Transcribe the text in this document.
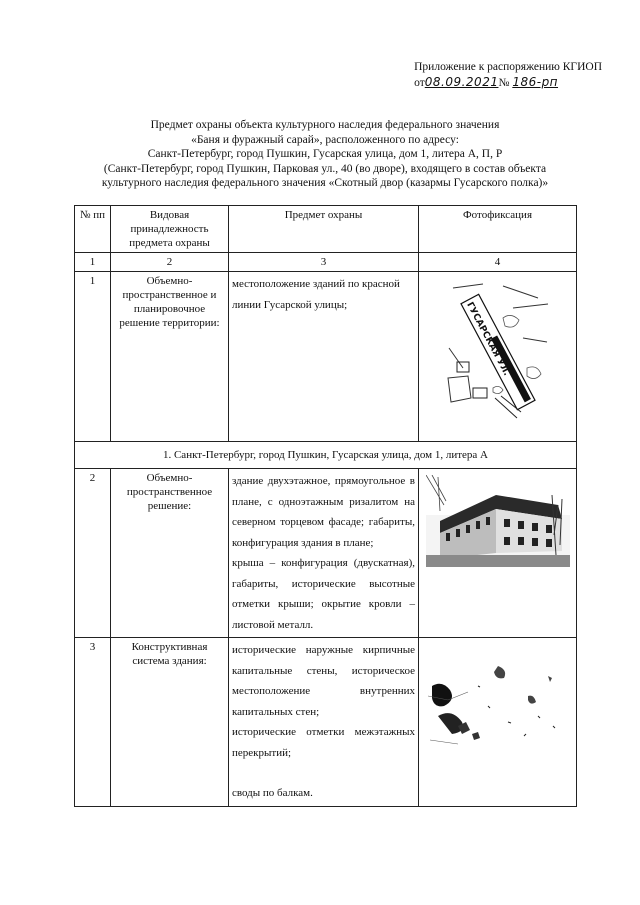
Приложение к распоряжению КГИОП
от08.09.2021№ 186-рп
Предмет охраны объекта культурного наследия федерального значения
«Баня и фуражный сарай», расположенного по адресу:
Санкт-Петербург, город Пушкин, Гусарская улица, дом 1, литера А, П, Р
(Санкт-Петербург, город Пушкин, Парковая ул., 40 (во дворе), входящего в состав объекта
культурного наследия федерального значения «Скотный двор (казармы Гусарского полка)»
№ пп	Видовая принадлежность предмета охраны	Предмет охраны	Фотофиксация
1	2	3	4
1	Объемно-пространственное и планировочное решение территории:	местоположение зданий по красной линии Гусарской улицы;	ГУСАРСКАЯ УЛ.

1. Санкт-Петербург, город Пушкин, Гусарская улица, дом 1, литера А			
2	Объемно-пространственное решение:	здание двухэтажное, прямоугольное в плане, с одноэтажным ризалитом на северном торцевом фасаде; габариты, конфигурация здания в плане;
крыша – конфигурация (двускатная), габариты, исторические высотные отметки крыши; окрытие кровли – листовой металл.

3	Конструктивная система здания:	исторические наружные кирпичные капитальные стены, историческое местоположение внутренних капитальных стен;
исторические отметки межэтажных перекрытий;
своды по балкам.
